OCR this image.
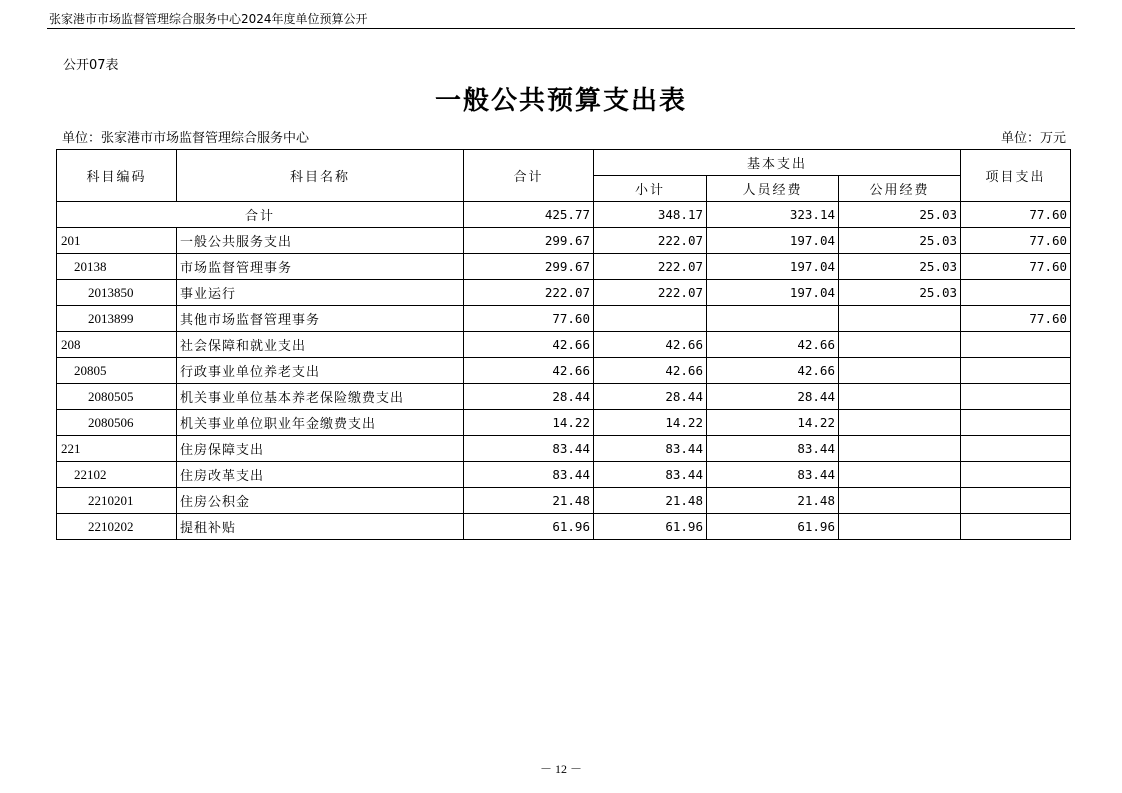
张家港市市场监督管理综合服务中心2024年度单位预算公开
公开07表
一般公共预算支出表
单位：张家港市市场监督管理综合服务中心	单位：万元
科目编码	科目名称	合计	基本支出			项目支出
			小计	人员经费	公用经费	
合计		425.77	348.17	323.14	25.03	77.60
201	一般公共服务支出	299.67	222.07	197.04	25.03	77.60
20138	市场监督管理事务	299.67	222.07	197.04	25.03	77.60
2013850	事业运行	222.07	222.07	197.04	25.03	
2013899	其他市场监督管理事务	77.60				77.60
208	社会保障和就业支出	42.66	42.66	42.66		
20805	行政事业单位养老支出	42.66	42.66	42.66		
2080505	机关事业单位基本养老保险缴费支出	28.44	28.44	28.44		
2080506	机关事业单位职业年金缴费支出	14.22	14.22	14.22		
221	住房保障支出	83.44	83.44	83.44		
22102	住房改革支出	83.44	83.44	83.44		
2210201	住房公积金	21.48	21.48	21.48		
2210202	提租补贴	61.96	61.96	61.96		
－ 12 －
